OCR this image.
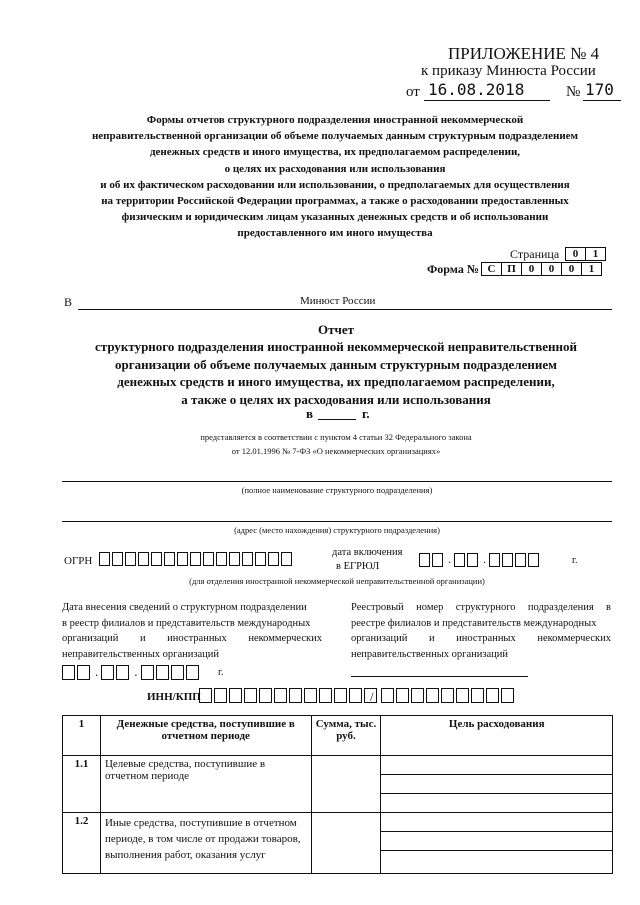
ПРИЛОЖЕНИЕ № 4
к приказу Минюста России
от 16.08.2018	№ 170
Формы отчетов структурного подразделения иностранной некоммерческой
неправительственной организации об объеме получаемых данным структурным подразделением
денежных средств и иного имущества, их предполагаемом распределении,
о целях их расходования или использования
и об их фактическом расходовании или использовании, о предполагаемых для осуществления
на территории Российской Федерации программах, а также о расходовании предоставленных
физическим и юридическим лицам указанных денежных средств и об использовании
предоставленного им иного имущества
Страница	0	1
Форма № С	П	0	0	0	1
В	Минюст России
Отчет
структурного подразделения иностранной некоммерческой неправительственной
организации об объеме получаемых данным структурным подразделением
денежных средств и иного имущества, их предполагаемом распределении,
а также о целях их расходования или использования
в	г.
представляется в соответствии с пунктом 4 статьи 32 Федерального закона
от 12.01.1996 № 7-ФЗ «О некоммерческих организациях»
(полное наименование структурного подразделения)
(адрес (место нахождения) структурного подразделения)
ОГРН
дата включения
в ЕГРЮЛ
.	.	г.
(для отделения иностранной некоммерческой неправительственной организации)
Дата внесения сведений о структурном подразделении
в реестр филиалов и представительств международных
организаций и иностранных некоммерческих
неправительственных организаций
Реестровый номер структурного подразделения в
реестре филиалов и представительств международных
организаций и иностранных некоммерческих
неправительственных организаций
.	.	г.
ИНН/КПП	/
1	Денежные средства, поступившие в отчетном периоде	Сумма, тыс. руб.	Цель расходования
1.1	Целевые средства, поступившие в отчетном периоде		

1.2	Иные средства, поступившие в отчетном периоде, в том числе от продажи товаров, выполнения работ, оказания услуг		
